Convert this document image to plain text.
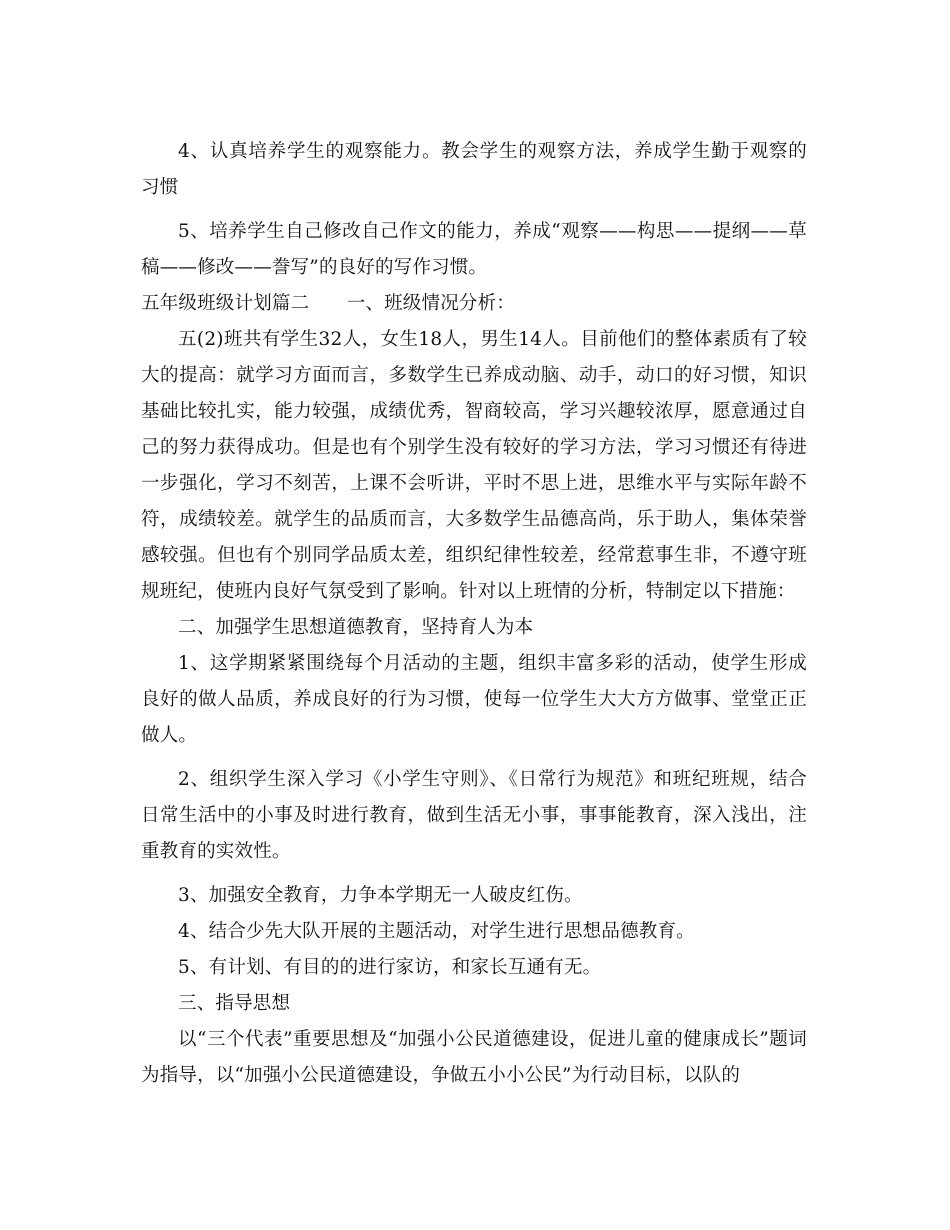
4、认真培养学生的观察能力。教会学生的观察方法，养成学生勤于观察的习惯

5、培养学生自己修改自己作文的能力，养成“观察——构思——提纲——草稿——修改——誊写”的良好的写作习惯。

五年级班级计划篇二　　一、班级情况分析：

五(2)班共有学生32人，女生18人，男生14人。目前他们的整体素质有了较大的提高：就学习方面而言，多数学生已养成动脑、动手，动口的好习惯，知识基础比较扎实，能力较强，成绩优秀，智商较高，学习兴趣较浓厚，愿意通过自己的努力获得成功。但是也有个别学生没有较好的学习方法，学习习惯还有待进一步强化，学习不刻苦，上课不会听讲，平时不思上进，思维水平与实际年龄不符，成绩较差。就学生的品质而言，大多数学生品德高尚，乐于助人，集体荣誉感较强。但也有个别同学品质太差，组织纪律性较差，经常惹事生非，不遵守班规班纪，使班内良好气氛受到了影响。针对以上班情的分析，特制定以下措施：

二、加强学生思想道德教育，坚持育人为本

1、这学期紧紧围绕每个月活动的主题，组织丰富多彩的活动，使学生形成良好的做人品质，养成良好的行为习惯，使每一位学生大大方方做事、堂堂正正做人。

2、组织学生深入学习《小学生守则》、《日常行为规范》和班纪班规，结合日常生活中的小事及时进行教育，做到生活无小事，事事能教育，深入浅出，注重教育的实效性。

3、加强安全教育，力争本学期无一人破皮红伤。

4、结合少先大队开展的主题活动，对学生进行思想品德教育。

5、有计划、有目的的进行家访，和家长互通有无。

三、指导思想

以“三个代表”重要思想及“加强小公民道德建设，促进儿童的健康成长”题词为指导，以“加强小公民道德建设，争做五小小公民”为行动目标，以队的
